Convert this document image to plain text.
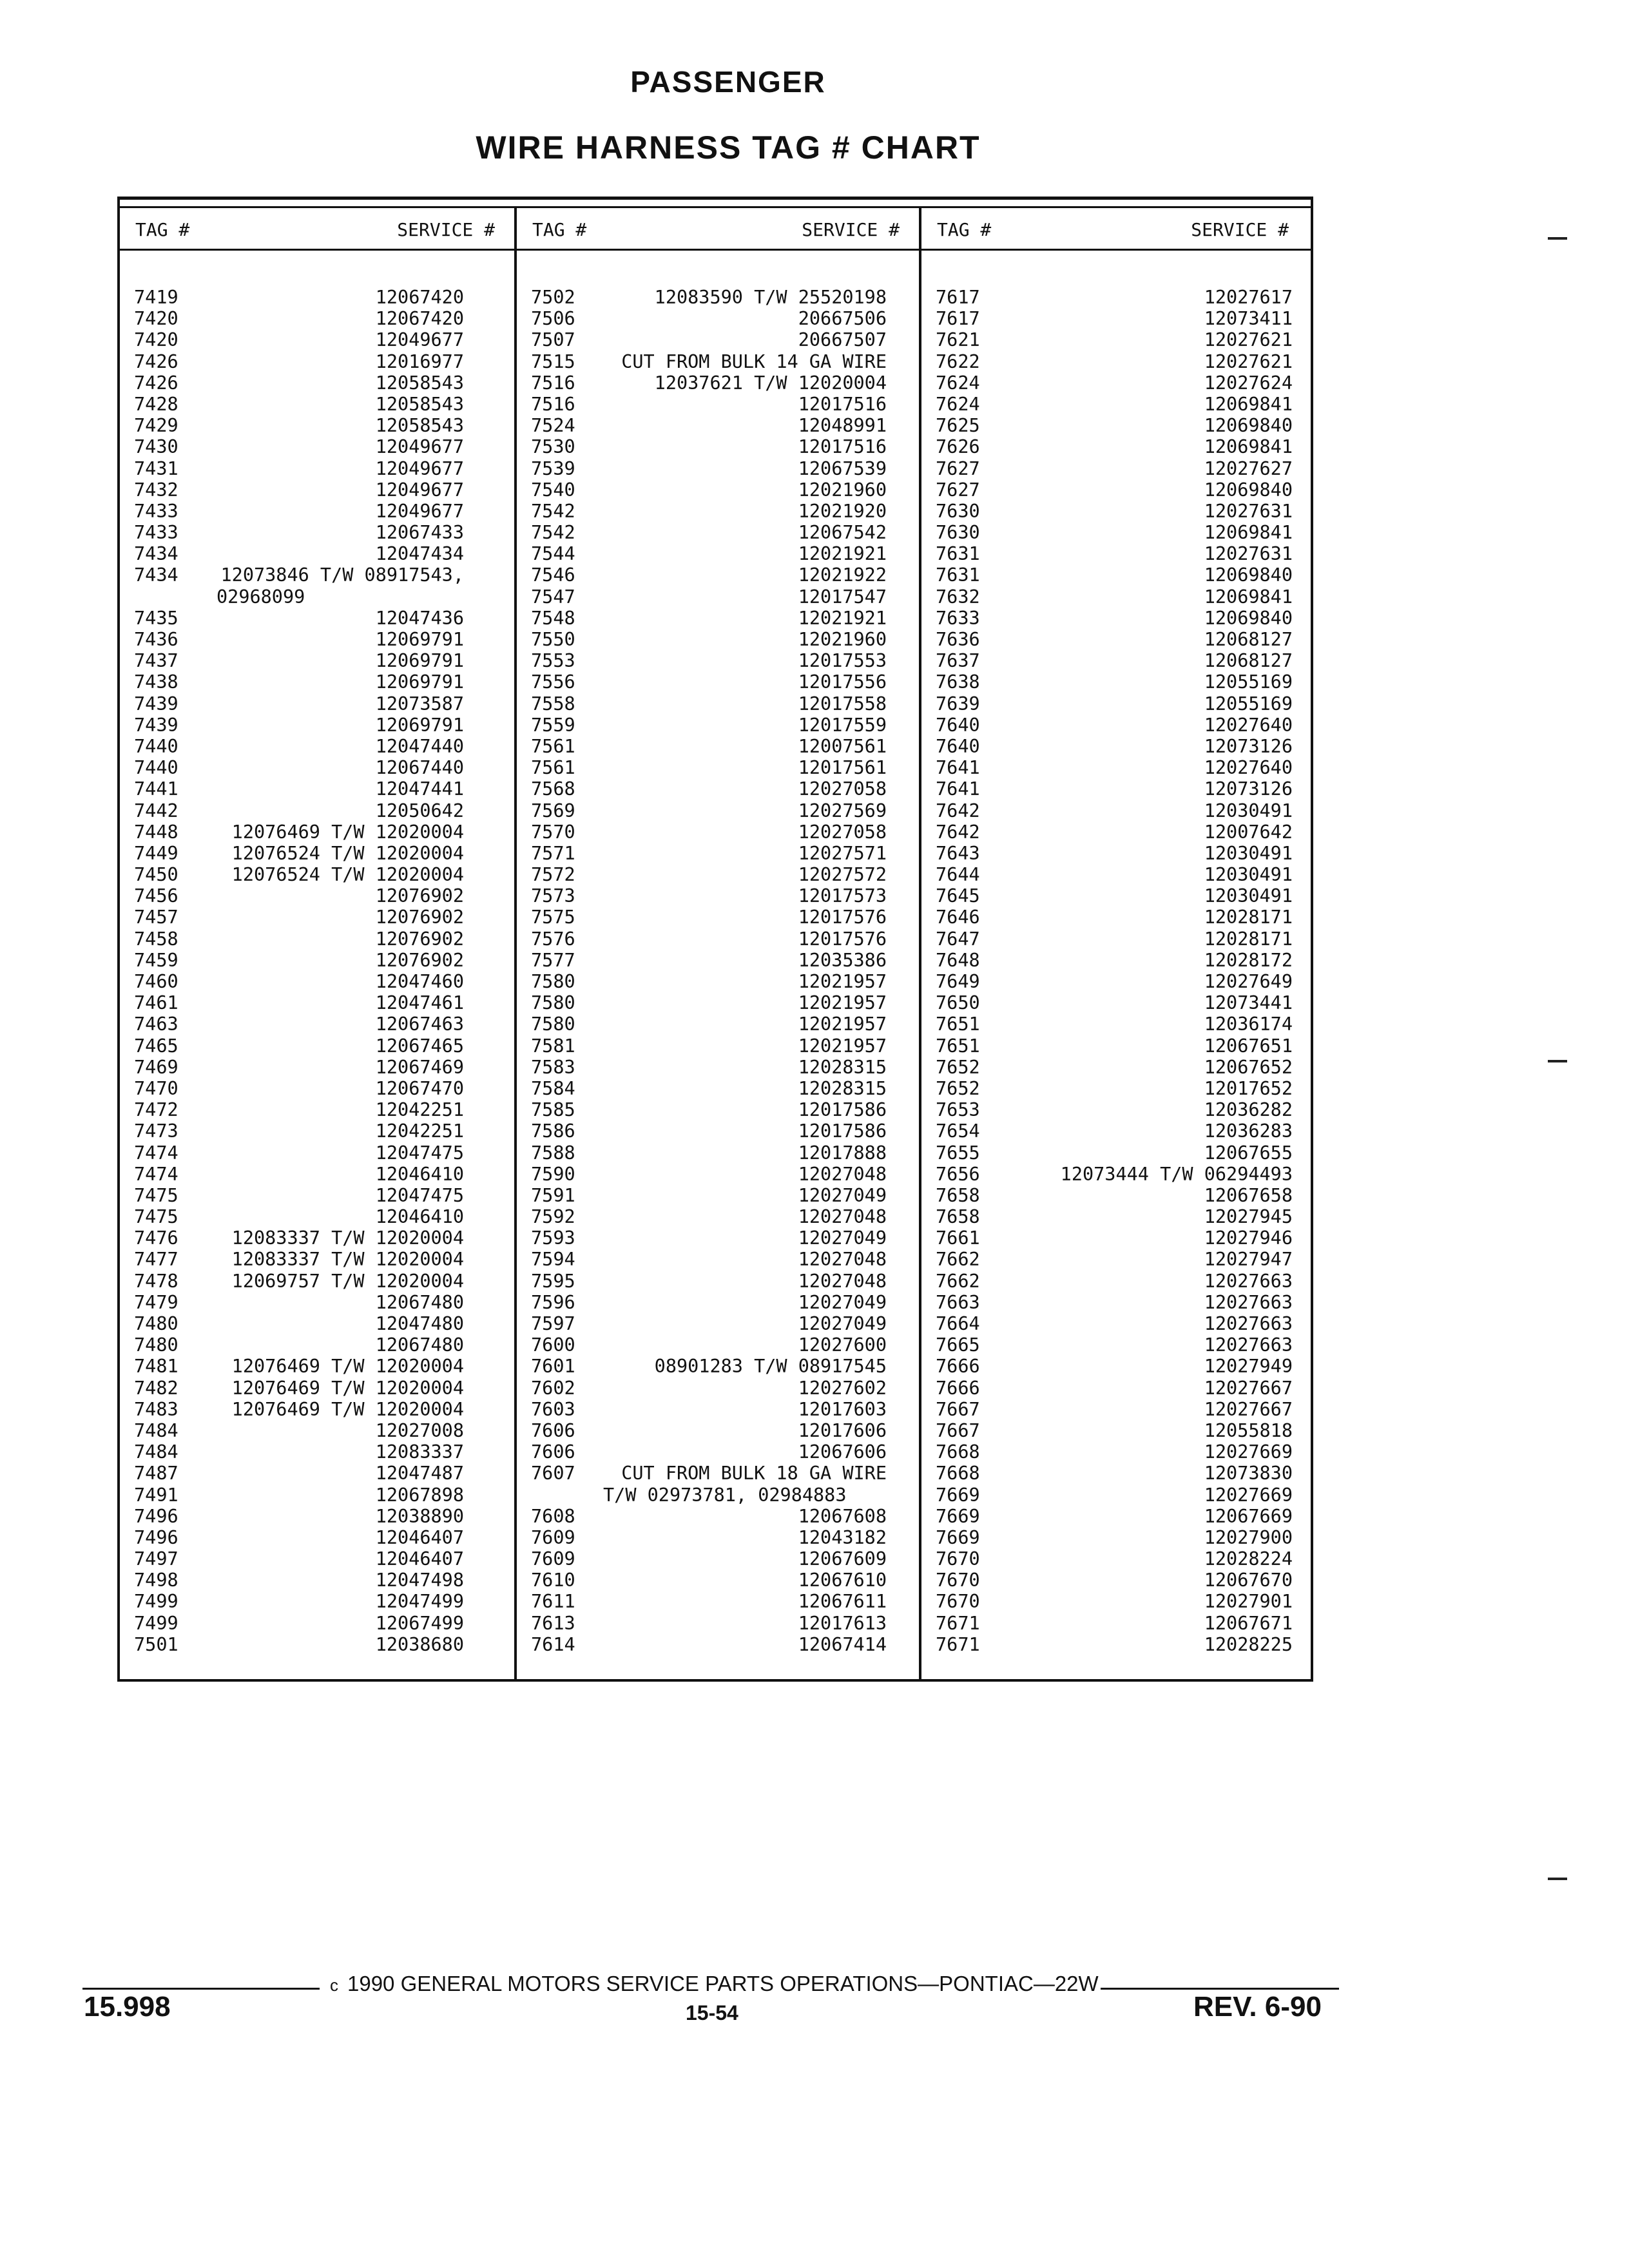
PASSENGER
WIRE HARNESS TAG # CHART
TAG #	SERVICE # TAG #	SERVICE # TAG #	SERVICE #
7419	12067420
7420	12067420
7420	12049677
7426	12016977
7426	12058543
7428	12058543
7429	12058543
7430	12049677
7431	12049677
7432	12049677
7433	12049677
7433	12067433
7434	12047434
7434 12073846 T/W 08917543,
02968099
7435	12047436
7436	12069791
7437	12069791
7438	12069791
7439	12073587
7439	12069791
7440	12047440
7440	12067440
7441	12047441
7442	12050642
7448	12076469 T/W 12020004
7449	12076524 T/W 12020004
7450	12076524 T/W 12020004
7456	12076902
7457	12076902
7458	12076902
7459	12076902
7460	12047460
7461	12047461
7463	12067463
7465	12067465
7469	12067469
7470	12067470
7472	12042251
7473	12042251
7474	12047475
7474	12046410
7475	12047475
7475	12046410
7476	12083337 T/W 12020004
7477	12083337 T/W 12020004
7478	12069757 T/W 12020004
7479	12067480
7480	12047480
7480	12067480
7481	12076469 T/W 12020004
7482	12076469 T/W 12020004
7483	12076469 T/W 12020004
7484	12027008
7484	12083337
7487	12047487
7491	12067898
7496	12038890
7496	12046407
7497	12046407
7498	12047498
7499	12047499
7499	12067499
7501	12038680
7502	12083590 T/W 25520198
7506	20667506
7507	20667507
7515	CUT FROM BULK 14 GA WIRE
7516	12037621 T/W 12020004
7516	12017516
7524	12048991
7530	12017516
7539	12067539
7540	12021960
7542	12021920
7542	12067542
7544	12021921
7546	12021922
7547	12017547
7548	12021921
7550	12021960
7553	12017553
7556	12017556
7558	12017558
7559	12017559
7561	12007561
7561	12017561
7568	12027058
7569	12027569
7570	12027058
7571	12027571
7572	12027572
7573	12017573
7575	12017576
7576	12017576
7577	12035386
7580	12021957
7580	12021957
7580	12021957
7581	12021957
7583	12028315
7584	12028315
7585	12017586
7586	12017586
7588	12017888
7590	12027048
7591	12027049
7592	12027048
7593	12027049
7594	12027048
7595	12027048
7596	12027049
7597	12027049
7600	12027600
7601	08901283 T/W 08917545
7602	12027602
7603	12017603
7606	12017606
7606	12067606
7607	CUT FROM BULK 18 GA WIRE
T/W 02973781, 02984883
7608	12067608
7609	12043182
7609	12067609
7610	12067610
7611	12067611
7613	12017613
7614	12067414
7617	12027617
7617	12073411
7621	12027621
7622	12027621
7624	12027624
7624	12069841
7625	12069840
7626	12069841
7627	12027627
7627	12069840
7630	12027631
7630	12069841
7631	12027631
7631	12069840
7632	12069841
7633	12069840
7636	12068127
7637	12068127
7638	12055169
7639	12055169
7640	12027640
7640	12073126
7641	12027640
7641	12073126
7642	12030491
7642	12007642
7643	12030491
7644	12030491
7645	12030491
7646	12028171
7647	12028171
7648	12028172
7649	12027649
7650	12073441
7651	12036174
7651	12067651
7652	12067652
7652	12017652
7653	12036282
7654	12036283
7655	12067655
7656	12073444 T/W 06294493
7658	12067658
7658	12027945
7661	12027946
7662	12027947
7662	12027663
7663	12027663
7664	12027663
7665	12027663
7666	12027949
7666	12027667
7667	12027667
7667	12055818
7668	12027669
7668	12073830
7669	12027669
7669	12067669
7669	12027900
7670	12028224
7670	12067670
7670	12027901
7671	12067671
7671	12028225
c 1990 GENERAL MOTORS SERVICE PARTS OPERATIONS—PONTIAC—22W
15.998	15-54	REV. 6-90
